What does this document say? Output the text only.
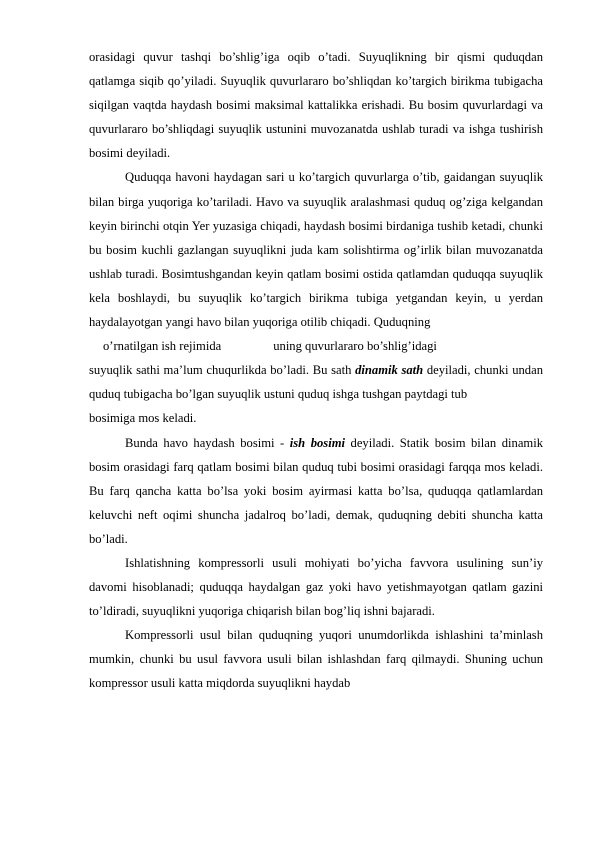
orasidagi quvur tashqi bo’shlig’iga oqib o’tadi. Suyuqlikning bir qismi quduqdan qatlamga siqib qo’yiladi. Suyuqlik quvurlararo bo’shliqdan ko’targich birikma tubigacha siqilgan vaqtda haydash bosimi maksimal kattalikka erishadi. Bu bosim quvurlardagi va quvurlararo bo’shliqdagi suyuqlik ustunini muvozanatda ushlab turadi va ishga tushirish bosimi deyiladi.

Quduqqa havoni haydagan sari u ko’targich quvurlarga o’tib, gaidangan suyuqlik bilan birga yuqoriga ko’tariladi. Havo va suyuqlik aralashmasi quduq og’ziga kelgandan keyin birinchi otqin Yer yuzasiga chiqadi, haydash bosimi birdaniga tushib ketadi, chunki bu bosim kuchli gazlangan suyuqlikni juda kam solishtirma og’irlik bilan muvozanatda ushlab turadi. Bosimtushgandan keyin qatlam bosimi ostida qatlamdan quduqqa suyuqlik kela boshlaydi, bu suyuqlik ko’targich birikma tubiga yetgandan keyin, u yerdan haydalayotgan yangi havo bilan yuqoriga otilib chiqadi. Quduqning

o’rnatilgan ish rejimida	uning quvurlararo bo’shlig’idagi

suyuqlik sathi ma’lum chuqurlikda bo’ladi. Bu sath dinamik sath deyiladi, chunki undan quduq tubigacha bo’lgan suyuqlik ustuni quduq ishga tushgan paytdagi tub

bosimiga mos keladi.

Bunda havo haydash bosimi - ish bosimi deyiladi. Statik bosim bilan dinamik bosim orasidagi farq qatlam bosimi bilan quduq tubi bosimi orasidagi farqqa mos keladi. Bu farq qancha katta bo’lsa yoki bosim ayirmasi katta bo’lsa, quduqqa qatlamlardan keluvchi neft oqimi shuncha jadalroq bo’ladi, demak, quduqning debiti shuncha katta bo’ladi.

Ishlatishning kompressorli usuli mohiyati bo’yicha favvora usulining sun’iy davomi hisoblanadi; quduqqa haydalgan gaz yoki havo yetishmayotgan qatlam gazini to’ldiradi, suyuqlikni yuqoriga chiqarish bilan bog’liq ishni bajaradi.

Kompressorli usul bilan quduqning yuqori unumdorlikda ishlashini ta’minlash mumkin, chunki bu usul favvora usuli bilan ishlashdan farq qilmaydi. Shuning uchun kompressor usuli katta miqdorda suyuqlikni haydab
